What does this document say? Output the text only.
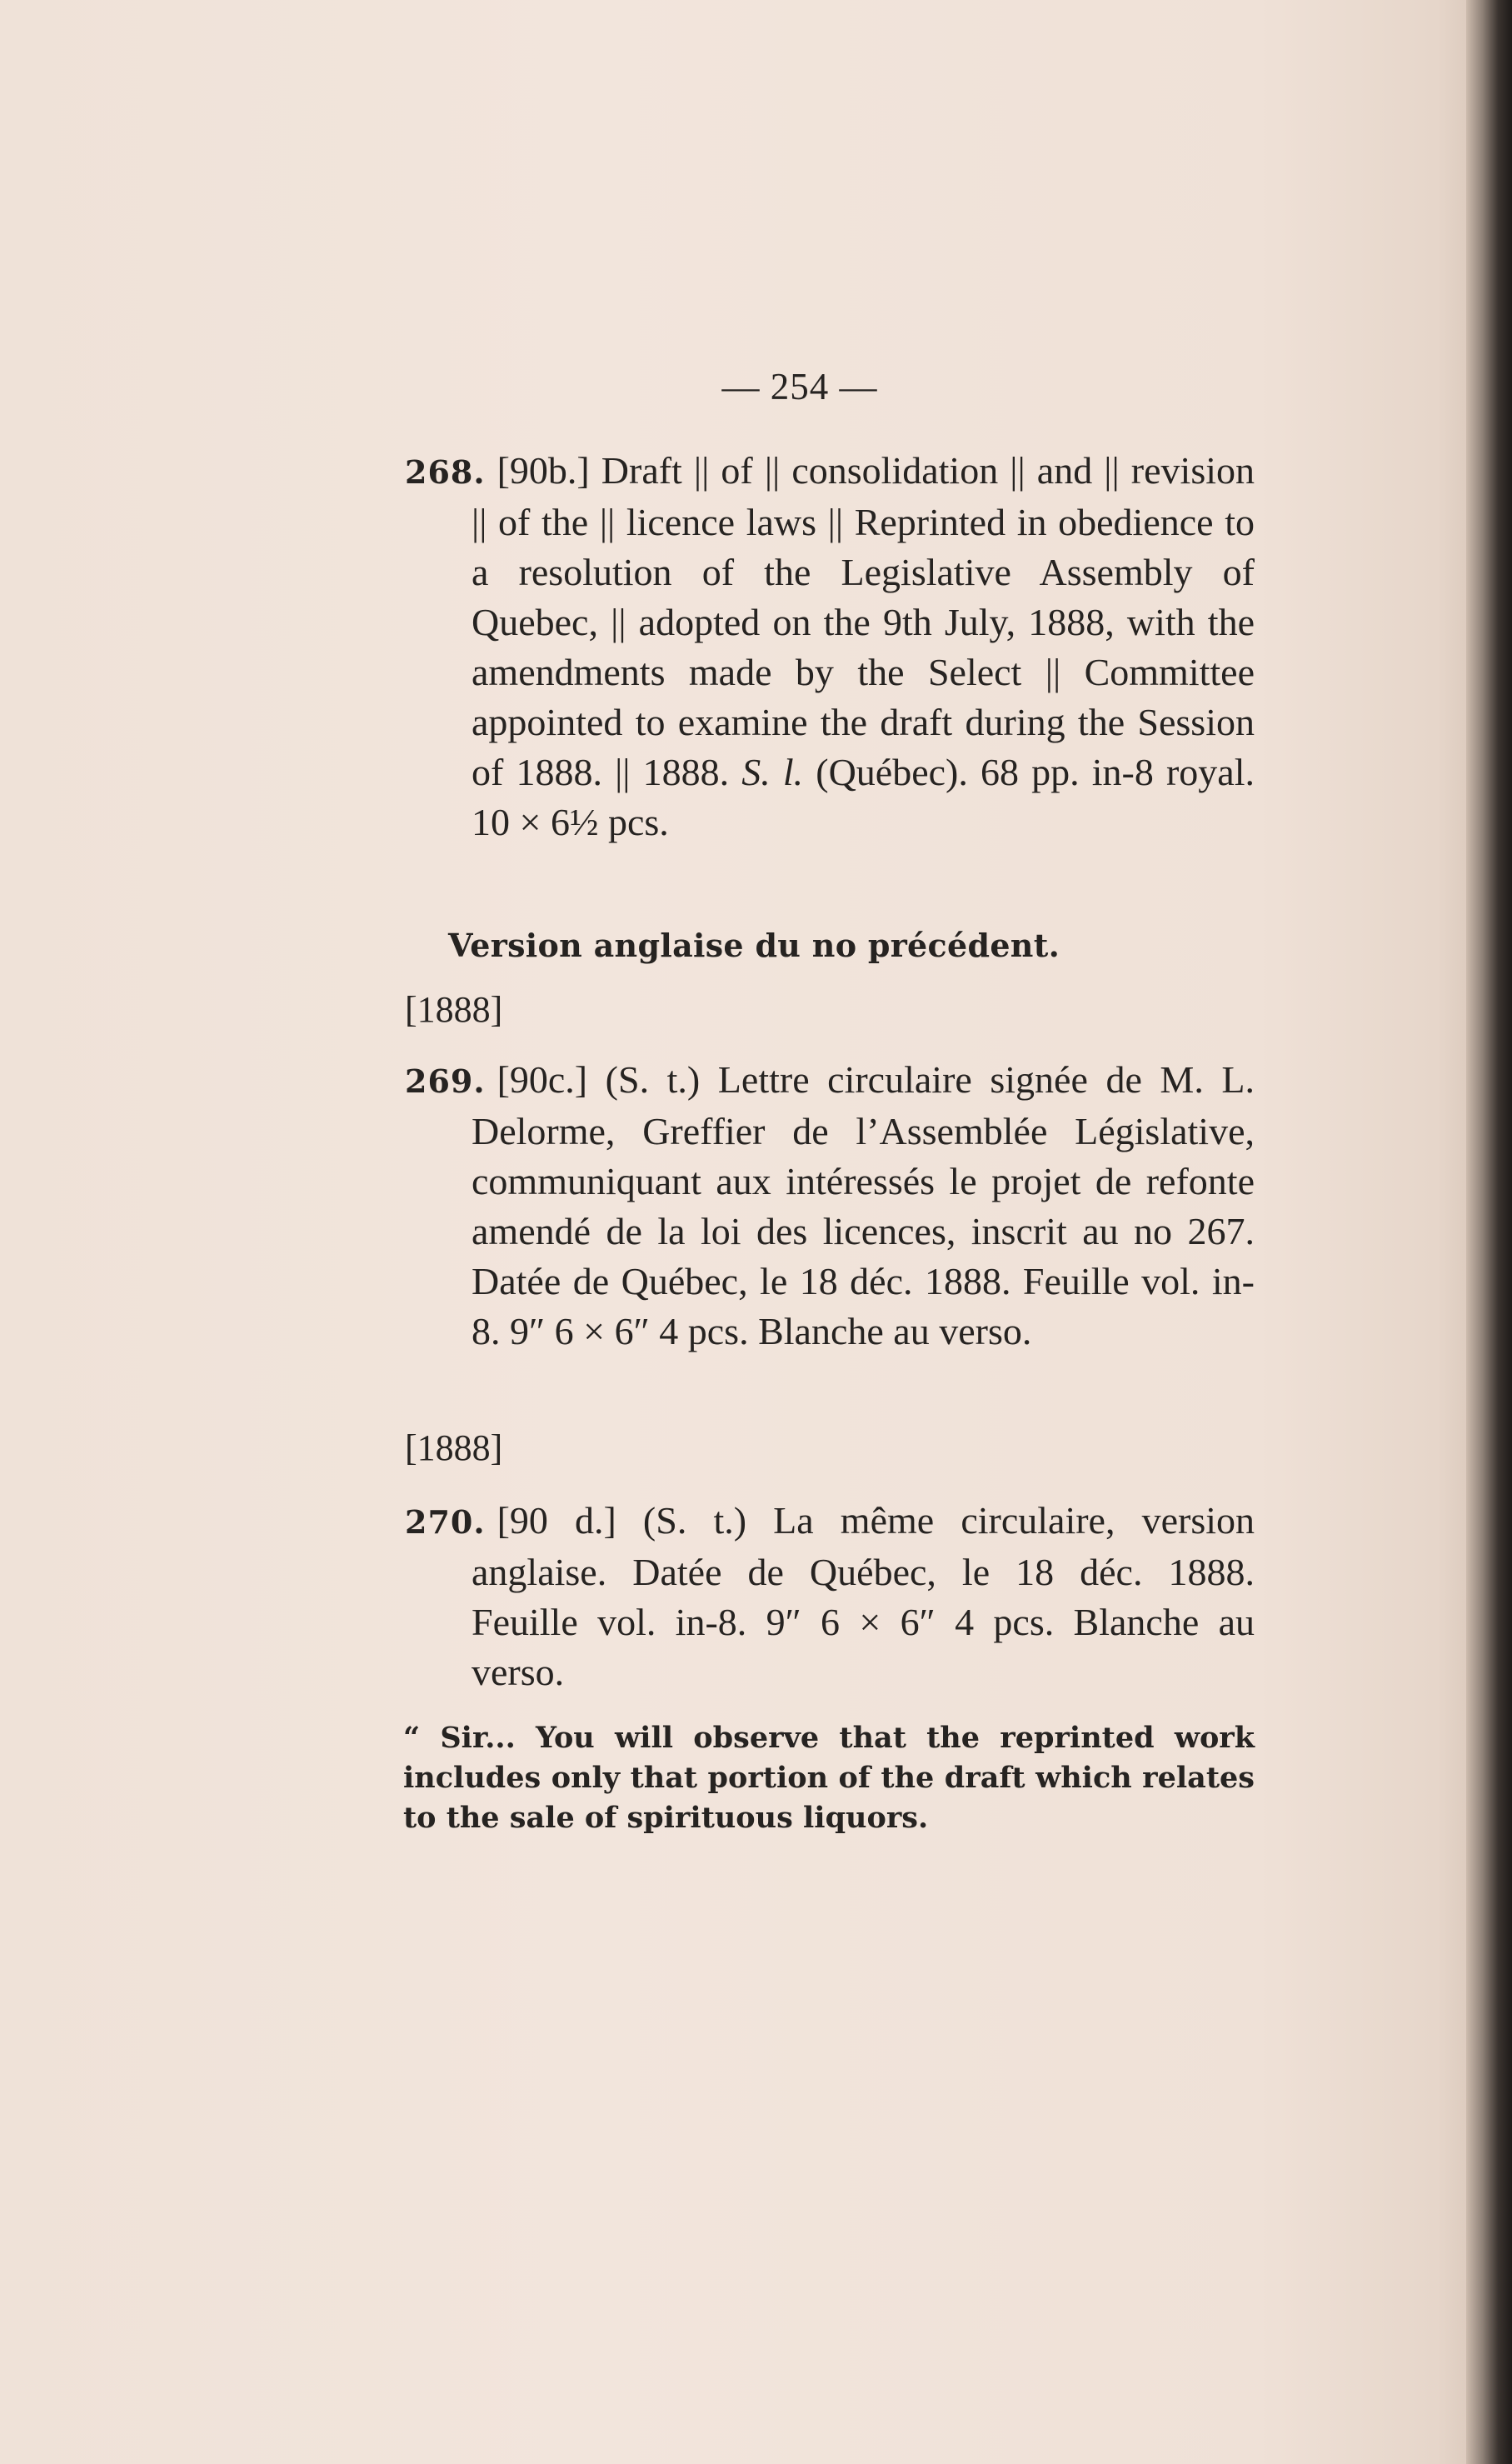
— 254 —
268. [90b.] Draft || of || consolidation || and || revision || of the || licence laws || Reprinted in obedience to a resolution of the Legislative Assembly of Quebec, || adopted on the 9th July, 1888, with the amendments made by the Select || Committee appointed to examine the draft during the Session of 1888. || 1888. S. l. (Québec). 68 pp. in-8 royal. 10 × 6½ pcs.
Version anglaise du no précédent.
[1888]
269. [90c.] (S. t.) Lettre circulaire signée de M. L. Delorme, Greffier de l’Assemblée Législative, communiquant aux intéressés le projet de refonte amendé de la loi des licences, inscrit au no 267. Datée de Québec, le 18 déc. 1888. Feuille vol. in-8. 9″ 6 × 6″ 4 pcs. Blanche au verso.
[1888]
270. [90 d.] (S. t.) La même circulaire, version anglaise. Datée de Québec, le 18 déc. 1888. Feuille vol. in-8. 9″ 6 × 6″ 4 pcs. Blanche au verso.
“ Sir... You will observe that the reprinted work includes only that portion of the draft which relates to the sale of spirituous liquors.
